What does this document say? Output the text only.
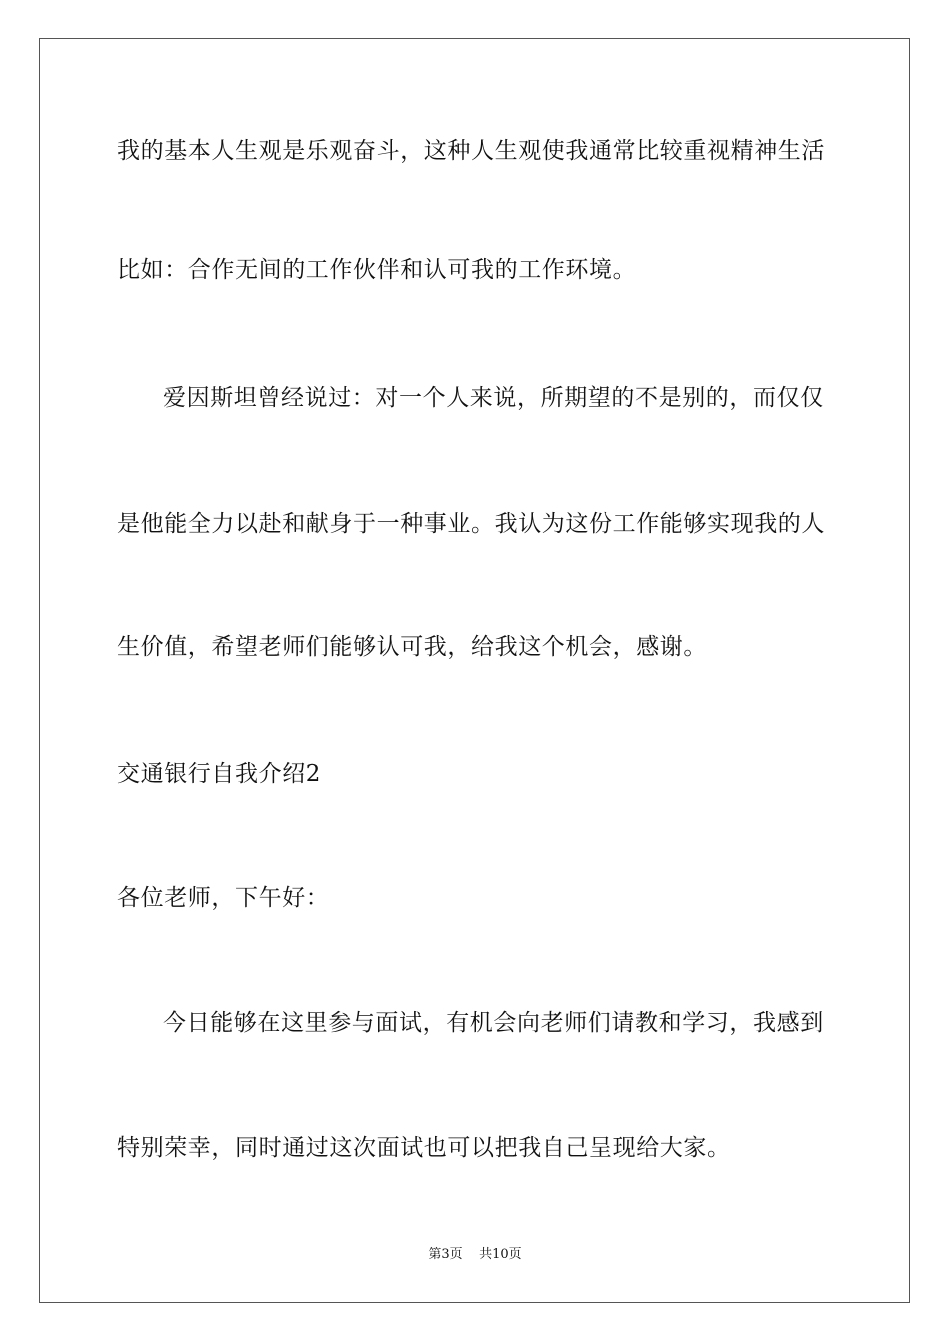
我的基本人生观是乐观奋斗，这种人生观使我通常比较重视精神生活
比如：合作无间的工作伙伴和认可我的工作环境。
爱因斯坦曾经说过：对一个人来说，所期望的不是别的，而仅仅
是他能全力以赴和献身于一种事业。我认为这份工作能够实现我的人
生价值，希望老师们能够认可我，给我这个机会，感谢。
交通银行自我介绍2
各位老师，下午好：
今日能够在这里参与面试，有机会向老师们请教和学习，我感到
特别荣幸，同时通过这次面试也可以把我自己呈现给大家。
第3页    共10页
